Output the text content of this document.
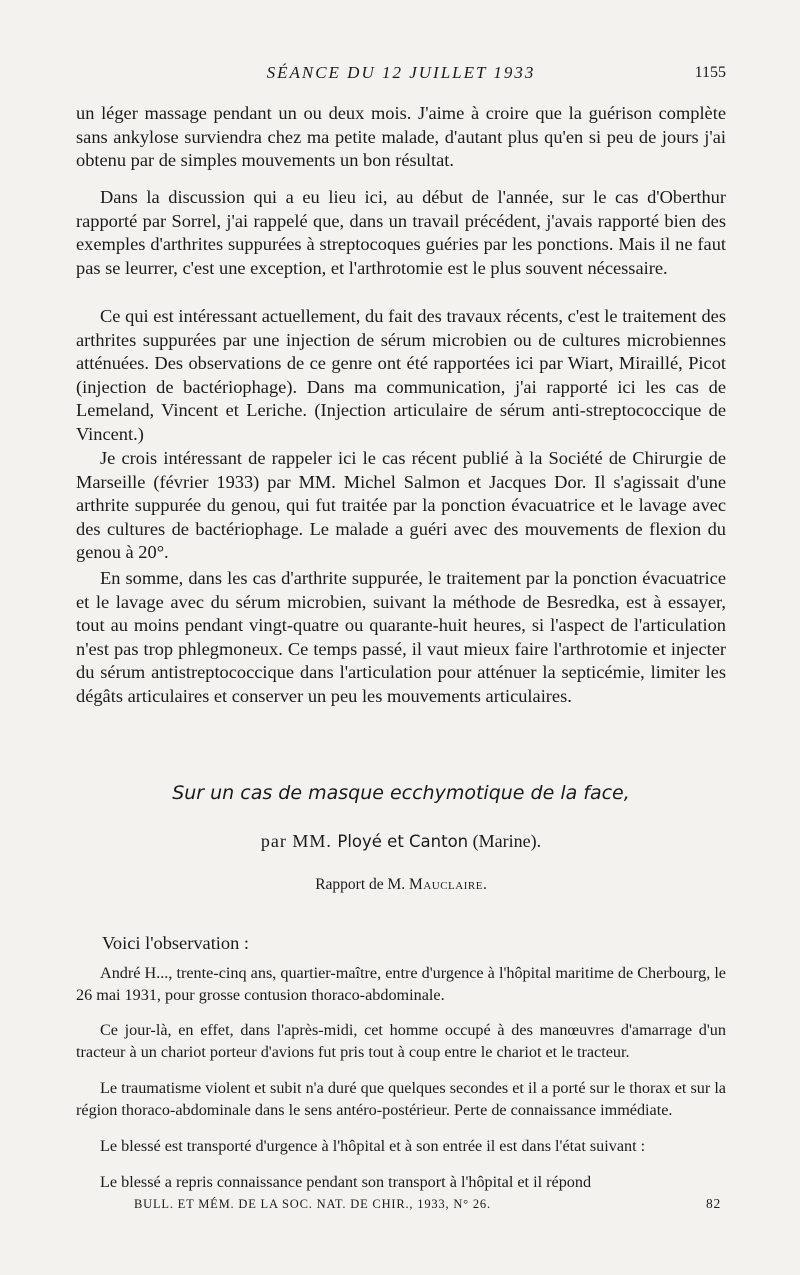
SÉANCE DU 12 JUILLET 1933	1155

un léger massage pendant un ou deux mois. J'aime à croire que la guérison complète sans ankylose surviendra chez ma petite malade, d'autant plus qu'en si peu de jours j'ai obtenu par de simples mouvements un bon résultat.

Dans la discussion qui a eu lieu ici, au début de l'année, sur le cas d'Oberthur rapporté par Sorrel, j'ai rappelé que, dans un travail précédent, j'avais rapporté bien des exemples d'arthrites suppurées à streptocoques guéries par les ponctions. Mais il ne faut pas se leurrer, c'est une exception, et l'arthrotomie est le plus souvent nécessaire.

Ce qui est intéressant actuellement, du fait des travaux récents, c'est le traitement des arthrites suppurées par une injection de sérum microbien ou de cultures microbiennes atténuées. Des observations de ce genre ont été rapportées ici par Wiart, Miraillé, Picot (injection de bactériophage). Dans ma communication, j'ai rapporté ici les cas de Lemeland, Vincent et Leriche. (Injection articulaire de sérum anti-streptococcique de Vincent.)

Je crois intéressant de rappeler ici le cas récent publié à la Société de Chirurgie de Marseille (février 1933) par MM. Michel Salmon et Jacques Dor. Il s'agissait d'une arthrite suppurée du genou, qui fut traitée par la ponction évacuatrice et le lavage avec des cultures de bactériophage. Le malade a guéri avec des mouvements de flexion du genou à 20°.

En somme, dans les cas d'arthrite suppurée, le traitement par la ponction évacuatrice et le lavage avec du sérum microbien, suivant la méthode de Besredka, est à essayer, tout au moins pendant vingt-quatre ou quarante-huit heures, si l'aspect de l'articulation n'est pas trop phlegmoneux. Ce temps passé, il vaut mieux faire l'arthrotomie et injecter du sérum antistreptococcique dans l'articulation pour atténuer la septicémie, limiter les dégâts articulaires et conserver un peu les mouvements articulaires.

Sur un cas de masque ecchymotique de la face,
par MM. Ployé et Canton (Marine).
Rapport de M. Mauclaire.
Voici l'observation :

André H..., trente-cinq ans, quartier-maître, entre d'urgence à l'hôpital maritime de Cherbourg, le 26 mai 1931, pour grosse contusion thoraco-abdominale.

Ce jour-là, en effet, dans l'après-midi, cet homme occupé à des manœuvres d'amarrage d'un tracteur à un chariot porteur d'avions fut pris tout à coup entre le chariot et le tracteur.

Le traumatisme violent et subit n'a duré que quelques secondes et il a porté sur le thorax et sur la région thoraco-abdominale dans le sens antéro-postérieur. Perte de connaissance immédiate.

Le blessé est transporté d'urgence à l'hôpital et à son entrée il est dans l'état suivant :

Le blessé a repris connaissance pendant son transport à l'hôpital et il répond

BULL. ET MÉM. DE LA SOC. NAT. DE CHIR., 1933, N° 26.	82
